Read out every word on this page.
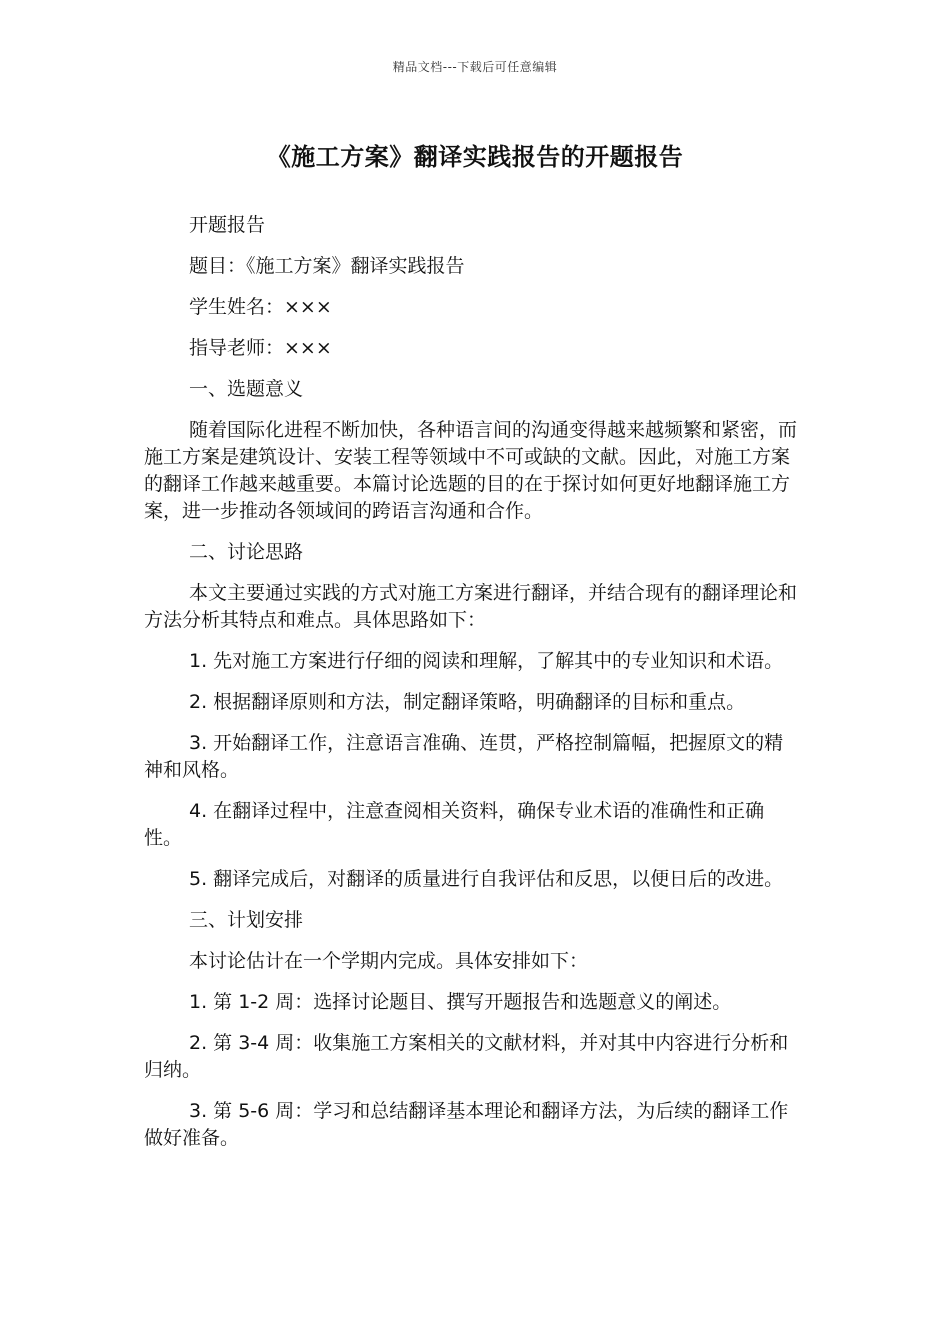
精品文档---下载后可任意编辑
《施工方案》翻译实践报告的开题报告

开题报告

题目：《施工方案》翻译实践报告

学生姓名：×××

指导老师：×××

一、选题意义

随着国际化进程不断加快，各种语言间的沟通变得越来越频繁和紧密，而施工方案是建筑设计、安装工程等领域中不可或缺的文献。因此，对施工方案的翻译工作越来越重要。本篇讨论选题的目的在于探讨如何更好地翻译施工方案，进一步推动各领域间的跨语言沟通和合作。

二、讨论思路

本文主要通过实践的方式对施工方案进行翻译，并结合现有的翻译理论和方法分析其特点和难点。具体思路如下：

1. 先对施工方案进行仔细的阅读和理解，了解其中的专业知识和术语。

2. 根据翻译原则和方法，制定翻译策略，明确翻译的目标和重点。

3. 开始翻译工作，注意语言准确、连贯，严格控制篇幅，把握原文的精神和风格。

4. 在翻译过程中，注意查阅相关资料，确保专业术语的准确性和正确性。

5. 翻译完成后，对翻译的质量进行自我评估和反思，以便日后的改进。

三、计划安排

本讨论估计在一个学期内完成。具体安排如下：

1. 第 1-2 周：选择讨论题目、撰写开题报告和选题意义的阐述。

2. 第 3-4 周：收集施工方案相关的文献材料，并对其中内容进行分析和归纳。

3. 第 5-6 周：学习和总结翻译基本理论和翻译方法，为后续的翻译工作做好准备。
